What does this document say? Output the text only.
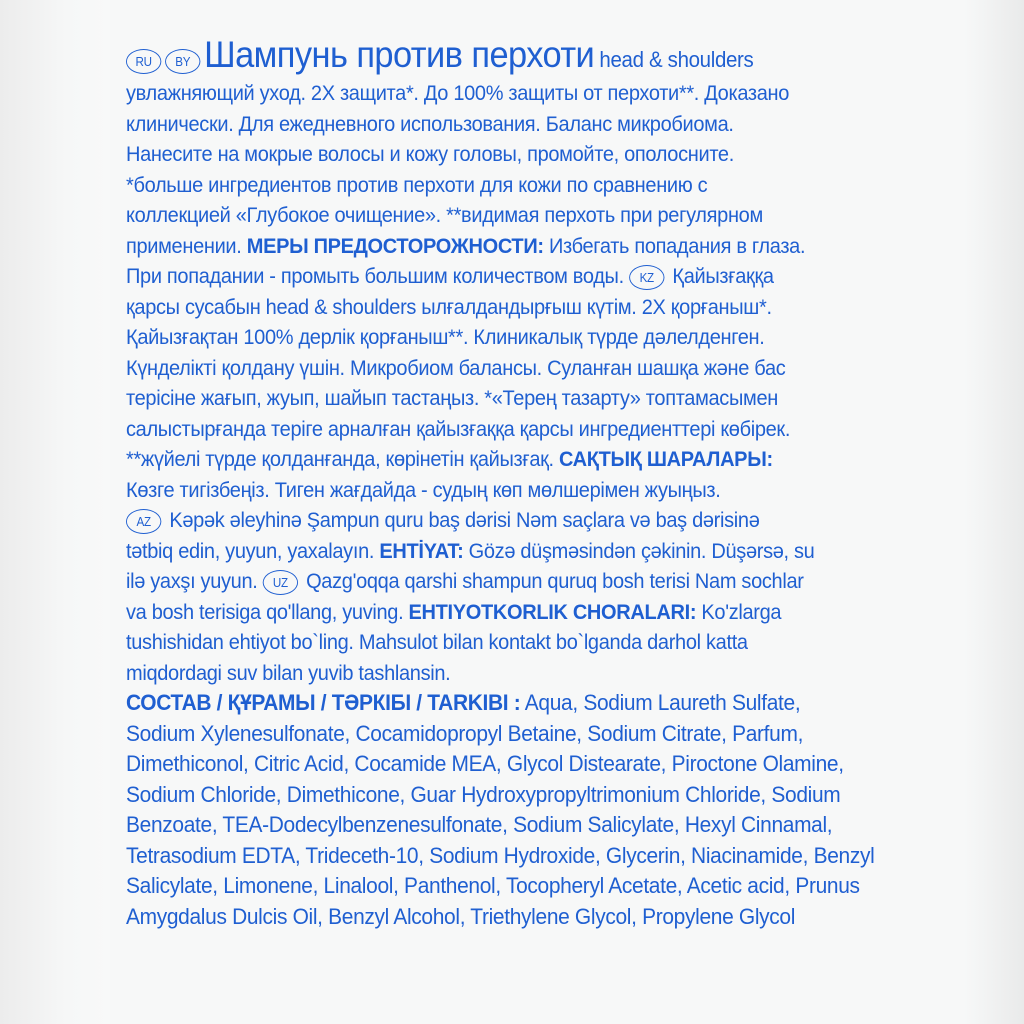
RU BY Шампунь против перхоти head & shoulders
увлажняющий уход. 2X защита*. До 100% защиты от перхоти**. Доказано
клинически. Для ежедневного использования. Баланс микробиома.
Нанесите на мокрые волосы и кожу головы, промойте, ополосните.
*больше ингредиентов против перхоти для кожи по сравнению с
коллекцией «Глубокое очищение». **видимая перхоть при регулярном
применении. МЕРЫ ПРЕДОСТОРОЖНОСТИ: Избегать попадания в глаза.
При попадании - промыть большим количеством воды. KZ Қайызғаққа
қарсы сусабын head & shoulders ылғалдандырғыш күтім. 2X қорғаныш*.
Қайызғақтан 100% дерлік қорғаныш**. Клиникалық түрде дәлелденген.
Күнделікті қолдану үшін. Микробиом балансы. Суланған шашқа және бас
терісіне жағып, жуып, шайып тастаңыз. *«Терең тазарту» топтамасымен
салыстырғанда теріге арналған қайызғаққа қарсы ингредиенттері көбірек.
**жүйелі түрде қолданғанда, көрінетін қайызғақ. САҚТЫҚ ШАРАЛАРЫ:
Көзге тигізбеңіз. Тиген жағдайда - судың көп мөлшерімен жуыңыз.
AZ Kəpək əleyhinə Şampun quru baş dərisi Nəm saçlara və baş dərisinə
tətbiq edin, yuyun, yaxalayın. EHTİYAT: Gözə düşməsindən çəkinin. Düşərsə, su
ilə yaxşı yuyun. UZ Qazg'oqqa qarshi shampun quruq bosh terisi Nam sochlar
va bosh terisiga qo'llang, yuving. EHTIYOTKORLIK CHORALARI: Ko'zlarga
tushishidan ehtiyot bo`ling. Mahsulot bilan kontakt bo`lganda darhol katta
miqdordagi suv bilan yuvib tashlansin.
СОСТАВ / ҚҰРАМЫ / ТӘРКІБІ / TARKIBI : Aqua, Sodium Laureth Sulfate,
Sodium Xylenesulfonate, Cocamidopropyl Betaine, Sodium Citrate, Parfum,
Dimethiconol, Citric Acid, Cocamide MEA, Glycol Distearate, Piroctone Olamine,
Sodium Chloride, Dimethicone, Guar Hydroxypropyltrimonium Chloride, Sodium
Benzoate, TEA-Dodecylbenzenesulfonate, Sodium Salicylate, Hexyl Cinnamal,
Tetrasodium EDTA, Trideceth-10, Sodium Hydroxide, Glycerin, Niacinamide, Benzyl
Salicylate, Limonene, Linalool, Panthenol, Tocopheryl Acetate, Acetic acid, Prunus
Amygdalus Dulcis Oil, Benzyl Alcohol, Triethylene Glycol, Propylene Glycol
